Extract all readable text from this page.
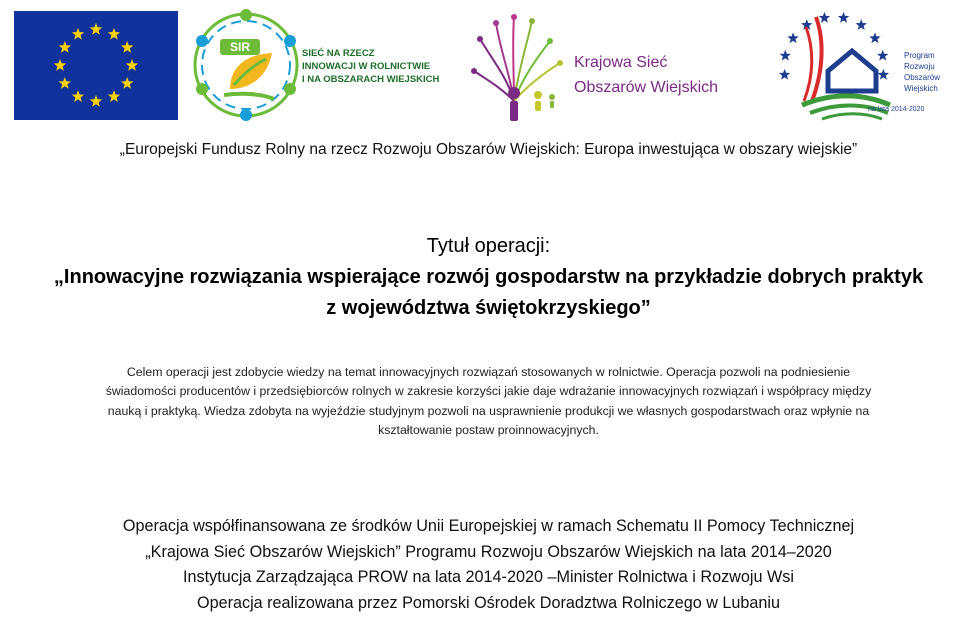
SIR	SIEĆ NA RZECZ
INNOWACJI W ROLNICTWIE
I NA OBSZARACH WIEJSKICH
Krajowa Sieć
Obszarów Wiejskich
Program
Rozwoju
Obszarów
Wiejskich
na lata 2014-2020
„Europejski Fundusz Rolny na rzecz Rozwoju Obszarów Wiejskich: Europa inwestująca w obszary wiejskie”
Tytuł operacji:
„Innowacyjne rozwiązania wspierające rozwój gospodarstw na przykładzie dobrych praktyk
z województwa świętokrzyskiego”
Celem operacji jest zdobycie wiedzy na temat innowacyjnych rozwiązań stosowanych w rolnictwie. Operacja pozwoli na podniesienie
świadomości producentów i przedsiębiorców rolnych w zakresie korzyści jakie daje wdrażanie innowacyjnych rozwiązań i współpracy między
nauką i praktyką. Wiedza zdobyta na wyjeździe studyjnym pozwoli na usprawnienie produkcji we własnych gospodarstwach oraz wpłynie na
kształtowanie postaw proinnowacyjnych.
Operacja współfinansowana ze środków Unii Europejskiej w ramach Schematu II Pomocy Technicznej
„Krajowa Sieć Obszarów Wiejskich” Programu Rozwoju Obszarów Wiejskich na lata 2014–2020
Instytucja Zarządzająca PROW na lata 2014-2020 –Minister Rolnictwa i Rozwoju Wsi
Operacja realizowana przez Pomorski Ośrodek Doradztwa Rolniczego w Lubaniu
